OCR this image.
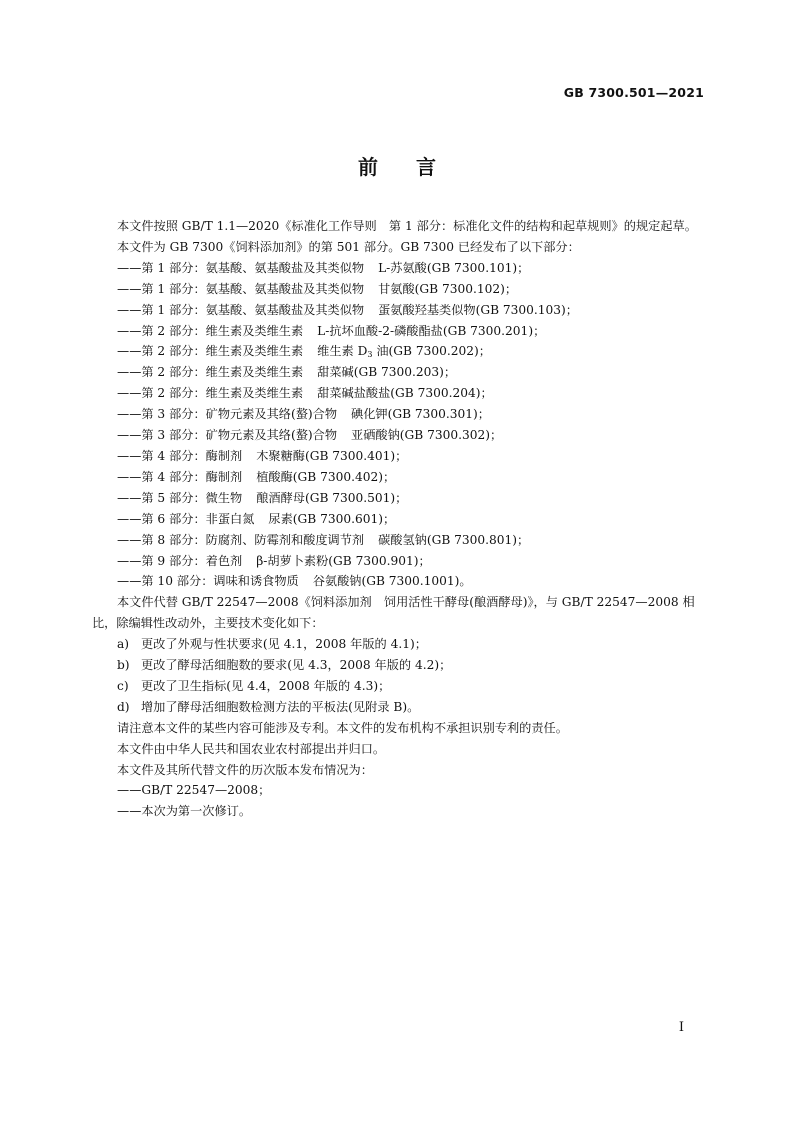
GB 7300.501—2021
前言

本文件按照 GB/T 1.1—2020《标准化工作导则　第 1 部分：标准化文件的结构和起草规则》的规定起草。

本文件为 GB 7300《饲料添加剂》的第 501 部分。GB 7300 已经发布了以下部分：

——第 1 部分：氨基酸、氨基酸盐及其类似物 L-苏氨酸(GB 7300.101)；

——第 1 部分：氨基酸、氨基酸盐及其类似物 甘氨酸(GB 7300.102)；

——第 1 部分：氨基酸、氨基酸盐及其类似物 蛋氨酸羟基类似物(GB 7300.103)；

——第 2 部分：维生素及类维生素 L-抗坏血酸-2-磷酸酯盐(GB 7300.201)；

——第 2 部分：维生素及类维生素 维生素 $D_3$ 油(GB 7300.202)；

——第 2 部分：维生素及类维生素 甜菜碱(GB 7300.203)；

——第 2 部分：维生素及类维生素 甜菜碱盐酸盐(GB 7300.204)；

——第 3 部分：矿物元素及其络(螯)合物 碘化钾(GB 7300.301)；

——第 3 部分：矿物元素及其络(螯)合物 亚硒酸钠(GB 7300.302)；

——第 4 部分：酶制剂 木聚糖酶(GB 7300.401)；

——第 4 部分：酶制剂 植酸酶(GB 7300.402)；

——第 5 部分：微生物 酿酒酵母(GB 7300.501)；

——第 6 部分：非蛋白氮 尿素(GB 7300.601)；

——第 8 部分：防腐剂、防霉剂和酸度调节剂 碳酸氢钠(GB 7300.801)；

——第 9 部分：着色剂 β-胡萝卜素粉(GB 7300.901)；

——第 10 部分：调味和诱食物质 谷氨酸钠(GB 7300.1001)。

本文件代替 GB/T 22547—2008《饲料添加剂　饲用活性干酵母(酿酒酵母)》，与 GB/T 22547—2008 相比，除编辑性改动外，主要技术变化如下：

a) 更改了外观与性状要求(见 4.1，2008 年版的 4.1)；

b) 更改了酵母活细胞数的要求(见 4.3，2008 年版的 4.2)；

c) 更改了卫生指标(见 4.4，2008 年版的 4.3)；

d) 增加了酵母活细胞数检测方法的平板法(见附录 B)。

请注意本文件的某些内容可能涉及专利。本文件的发布机构不承担识别专利的责任。

本文件由中华人民共和国农业农村部提出并归口。

本文件及其所代替文件的历次版本发布情况为：

——GB/T 22547—2008；

——本次为第一次修订。

I
